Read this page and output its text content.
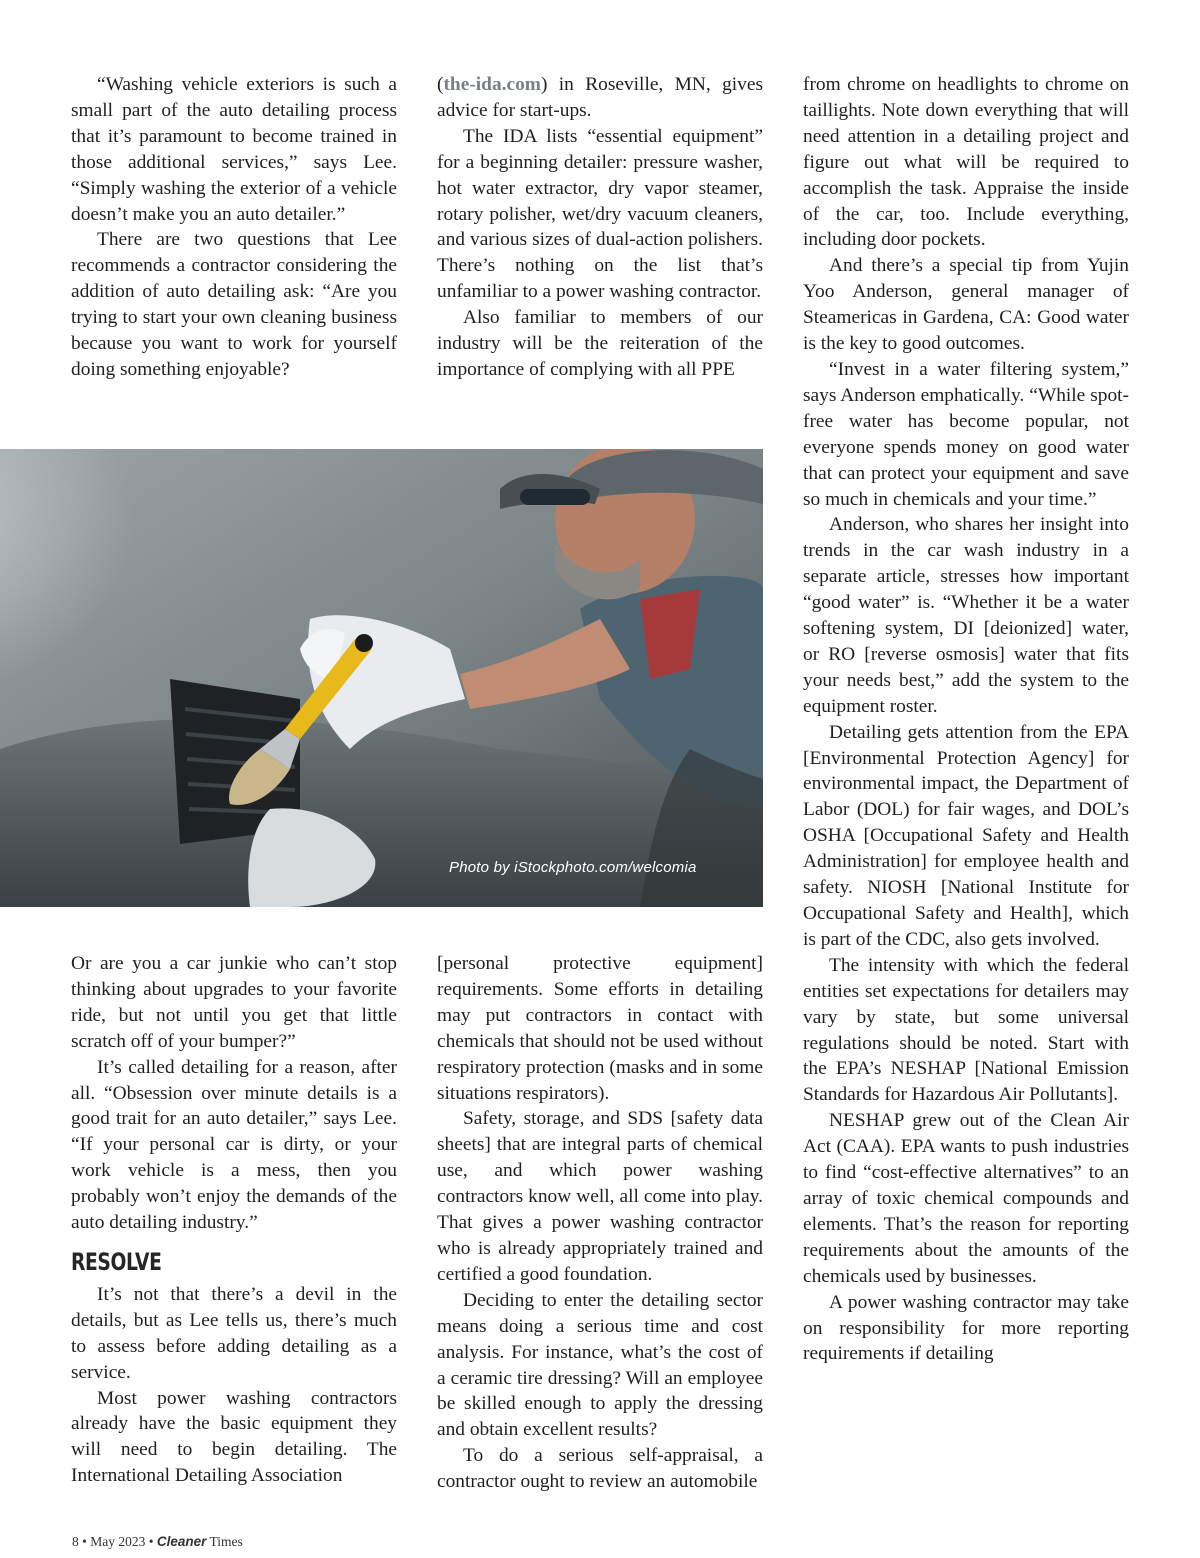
“Washing vehicle exteriors is such a small part of the auto detailing process that it’s paramount to become trained in those additional services,” says Lee. “Simply washing the exterior of a vehicle doesn’t make you an auto detailer.”

There are two questions that Lee recommends a contractor considering the addition of auto detailing ask: “Are you trying to start your own cleaning business because you want to work for yourself doing something enjoyable?

(the-ida.com) in Roseville, MN, gives advice for start-ups.

The IDA lists “essential equipment” for a beginning detailer: pressure washer, hot water extractor, dry vapor steamer, rotary polisher, wet/dry vacuum cleaners, and various sizes of dual-action polishers. There’s nothing on the list that’s unfamiliar to a power washing contractor.

Also familiar to members of our industry will be the reiteration of the importance of complying with all PPE

from chrome on headlights to chrome on taillights. Note down everything that will need attention in a detailing project and figure out what will be required to accomplish the task. Appraise the inside of the car, too. Include everything, including door pockets.

And there’s a special tip from Yujin Yoo Anderson, general manager of Steamericas in Gardena, CA: Good water is the key to good outcomes.

“Invest in a water filtering system,” says Anderson emphatically. “While spot-free water has become popular, not everyone spends money on good water that can protect your equipment and save so much in chemicals and your time.”

Anderson, who shares her insight into trends in the car wash industry in a separate article, stresses how important “good water” is. “Whether it be a water softening system, DI [deionized] water, or RO [reverse osmosis] water that fits your needs best,” add the system to the equipment roster.

Detailing gets attention from the EPA [Environmental Protection Agency] for environmental impact, the Department of Labor (DOL) for fair wages, and DOL’s OSHA [Occupational Safety and Health Administration] for employee health and safety. NIOSH [National Institute for Occupational Safety and Health], which is part of the CDC, also gets involved.

The intensity with which the federal entities set expectations for detailers may vary by state, but some universal regulations should be noted. Start with the EPA’s NESHAP [National Emission Standards for Hazardous Air Pollutants].

NESHAP grew out of the Clean Air Act (CAA). EPA wants to push industries to find “cost-effective alternatives” to an array of toxic chemical compounds and elements. That’s the reason for reporting requirements about the amounts of the chemicals used by businesses.

A power washing contractor may take on responsibility for more reporting requirements if detailing

Photo by iStockphoto.com/welcomia

Or are you a car junkie who can’t stop thinking about upgrades to your favorite ride, but not until you get that little scratch off of your bumper?”

It’s called detailing for a reason, after all. “Obsession over minute details is a good trait for an auto detailer,” says Lee. “If your personal car is dirty, or your work vehicle is a mess, then you probably won’t enjoy the demands of the auto detailing industry.”

RESOLVE

It’s not that there’s a devil in the details, but as Lee tells us, there’s much to assess before adding detailing as a service.

Most power washing contractors already have the basic equipment they will need to begin detailing. The International Detailing Association

[personal protective equipment] requirements. Some efforts in detailing may put contractors in contact with chemicals that should not be used without respiratory protection (masks and in some situations respirators).

Safety, storage, and SDS [safety data sheets] that are integral parts of chemical use, and which power washing contractors know well, all come into play. That gives a power washing contractor who is already appropriately trained and certified a good foundation.

Deciding to enter the detailing sector means doing a serious time and cost analysis. For instance, what’s the cost of a ceramic tire dressing? Will an employee be skilled enough to apply the dressing and obtain excellent results?

To do a serious self-appraisal, a contractor ought to review an automobile

8 • May 2023 • Cleaner Times
